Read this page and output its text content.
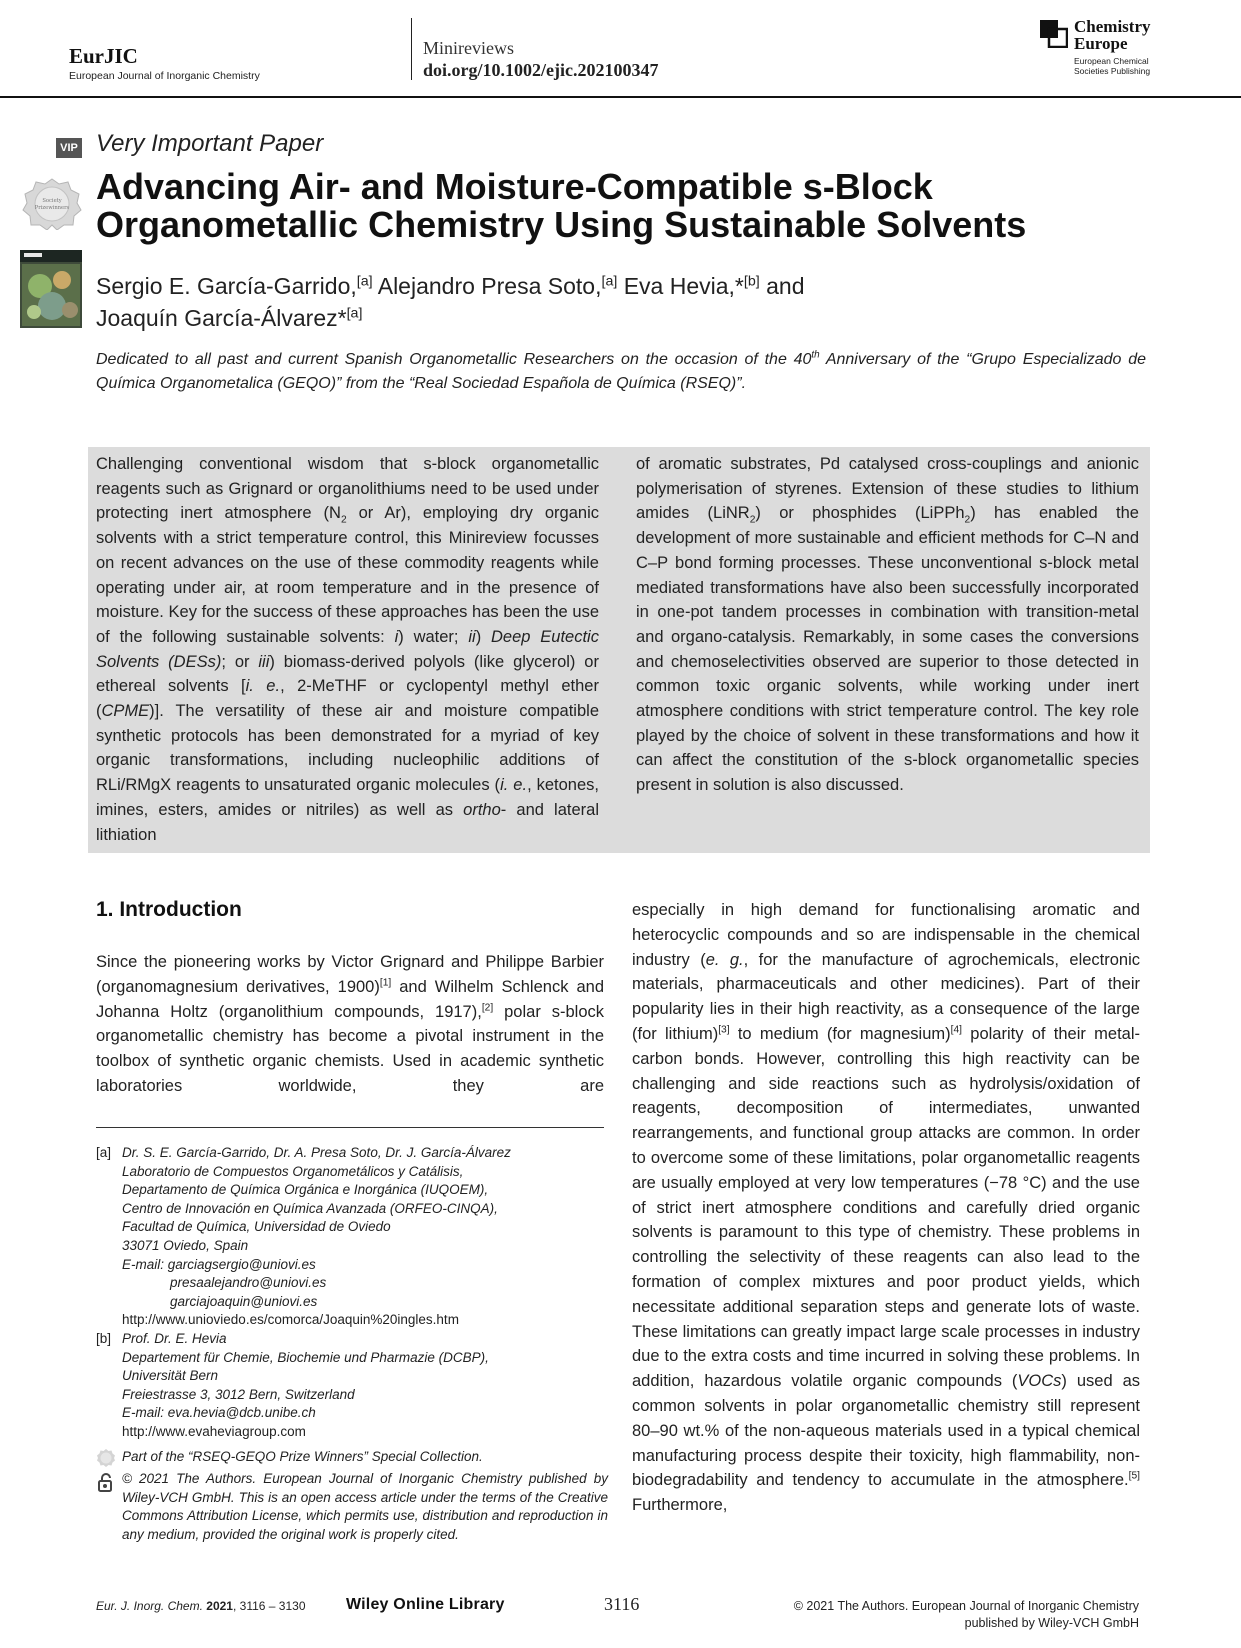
EurJIC
European Journal of Inorganic Chemistry
Minireviews
doi.org/10.1002/ejic.202100347
Chemistry
Europe
European Chemical
Societies Publishing
VIP
Society
Prizewinners
Very Important Paper
Advancing Air- and Moisture-Compatible s-Block
Organometallic Chemistry Using Sustainable Solvents
Sergio E. García-Garrido,[a] Alejandro Presa Soto,[a] Eva Hevia,*[b] and
Joaquín García-Álvarez*[a]
Dedicated to all past and current Spanish Organometallic Researchers on the occasion of the 40th Anniversary of the “Grupo Especializado de Química Organometalica (GEQO)” from the “Real Sociedad Española de Química (RSEQ)”.

Challenging conventional wisdom that s-block organometallic reagents such as Grignard or organolithiums need to be used under protecting inert atmosphere ($N_2$ or Ar), employing dry organic solvents with a strict temperature control, this Minireview focusses on recent advances on the use of these commodity reagents while operating under air, at room temperature and in the presence of moisture. Key for the success of these approaches has been the use of the following sustainable solvents: i) water; ii) Deep Eutectic Solvents (DESs); or iii) biomass-derived polyols (like glycerol) or ethereal solvents [i. e., 2-MeTHF or cyclopentyl methyl ether (CPME)]. The versatility of these air and moisture compatible synthetic protocols has been demonstrated for a myriad of key organic transformations, including nucleophilic additions of RLi/RMgX reagents to unsaturated organic molecules (i. e., ketones, imines, esters, amides or nitriles) as well as ortho- and lateral lithiation

of aromatic substrates, Pd catalysed cross-couplings and anionic polymerisation of styrenes. Extension of these studies to lithium amides (LiNR$_2$) or phosphides (LiPPh$_2$) has enabled the development of more sustainable and efficient methods for C–N and C–P bond forming processes. These unconventional s-block metal mediated transformations have also been successfully incorporated in one-pot tandem processes in combination with transition-metal and organo-catalysis. Remarkably, in some cases the conversions and chemoselectivities observed are superior to those detected in common toxic organic solvents, while working under inert atmosphere conditions with strict temperature control. The key role played by the choice of solvent in these transformations and how it can affect the constitution of the s-block organometallic species present in solution is also discussed.

1. Introduction

Since the pioneering works by Victor Grignard and Philippe Barbier (organomagnesium derivatives, 1900)[1] and Wilhelm Schlenck and Johanna Holtz (organolithium compounds, 1917),[2] polar s-block organometallic chemistry has become a pivotal instrument in the toolbox of synthetic organic chemists. Used in academic synthetic laboratories worldwide, they are

especially in high demand for functionalising aromatic and heterocyclic compounds and so are indispensable in the chemical industry (e. g., for the manufacture of agrochemicals, electronic materials, pharmaceuticals and other medicines). Part of their popularity lies in their high reactivity, as a consequence of the large (for lithium)[3] to medium (for magnesium)[4] polarity of their metal-carbon bonds. However, controlling this high reactivity can be challenging and side reactions such as hydrolysis/oxidation of reagents, decomposition of intermediates, unwanted rearrangements, and functional group attacks are common. In order to overcome some of these limitations, polar organometallic reagents are usually employed at very low temperatures (−78 °C) and the use of strict inert atmosphere conditions and carefully dried organic solvents is paramount to this type of chemistry. These problems in controlling the selectivity of these reagents can also lead to the formation of complex mixtures and poor product yields, which necessitate additional separation steps and generate lots of waste. These limitations can greatly impact large scale processes in industry due to the extra costs and time incurred in solving these problems. In addition, hazardous volatile organic compounds (VOCs) used as common solvents in polar organometallic chemistry still represent 80–90 wt.% of the non-aqueous materials used in a typical chemical manufacturing process despite their toxicity, high flammability, non-biodegradability and tendency to accumulate in the atmosphere.[5] Furthermore,

[a] Dr. S. E. García-Garrido, Dr. A. Presa Soto, Dr. J. García-Álvarez
Laboratorio de Compuestos Organometálicos y Catálisis,
Departamento de Química Orgánica e Inorgánica (IUQOEM),
Centro de Innovación en Química Avanzada (ORFEO-CINQA),
Facultad de Química, Universidad de Oviedo
33071 Oviedo, Spain
E-mail: garciagsergio@uniovi.es
presaalejandro@uniovi.es
garciajoaquin@uniovi.es
http://www.unioviedo.es/comorca/Joaquin%20ingles.htm
[b] Prof. Dr. E. Hevia
Departement für Chemie, Biochemie und Pharmazie (DCBP),
Universität Bern
Freiestrasse 3, 3012 Bern, Switzerland
E-mail: eva.hevia@dcb.unibe.ch
http://www.evaheviagroup.com
Part of the “RSEQ-GEQO Prize Winners” Special Collection.
© 2021 The Authors. European Journal of Inorganic Chemistry published by Wiley-VCH GmbH. This is an open access article under the terms of the Creative Commons Attribution License, which permits use, distribution and reproduction in any medium, provided the original work is properly cited.
Eur. J. Inorg. Chem. 2021, 3116 – 3130	Wiley Online Library	3116	© 2021 The Authors. European Journal of Inorganic Chemistry
published by Wiley-VCH GmbH
